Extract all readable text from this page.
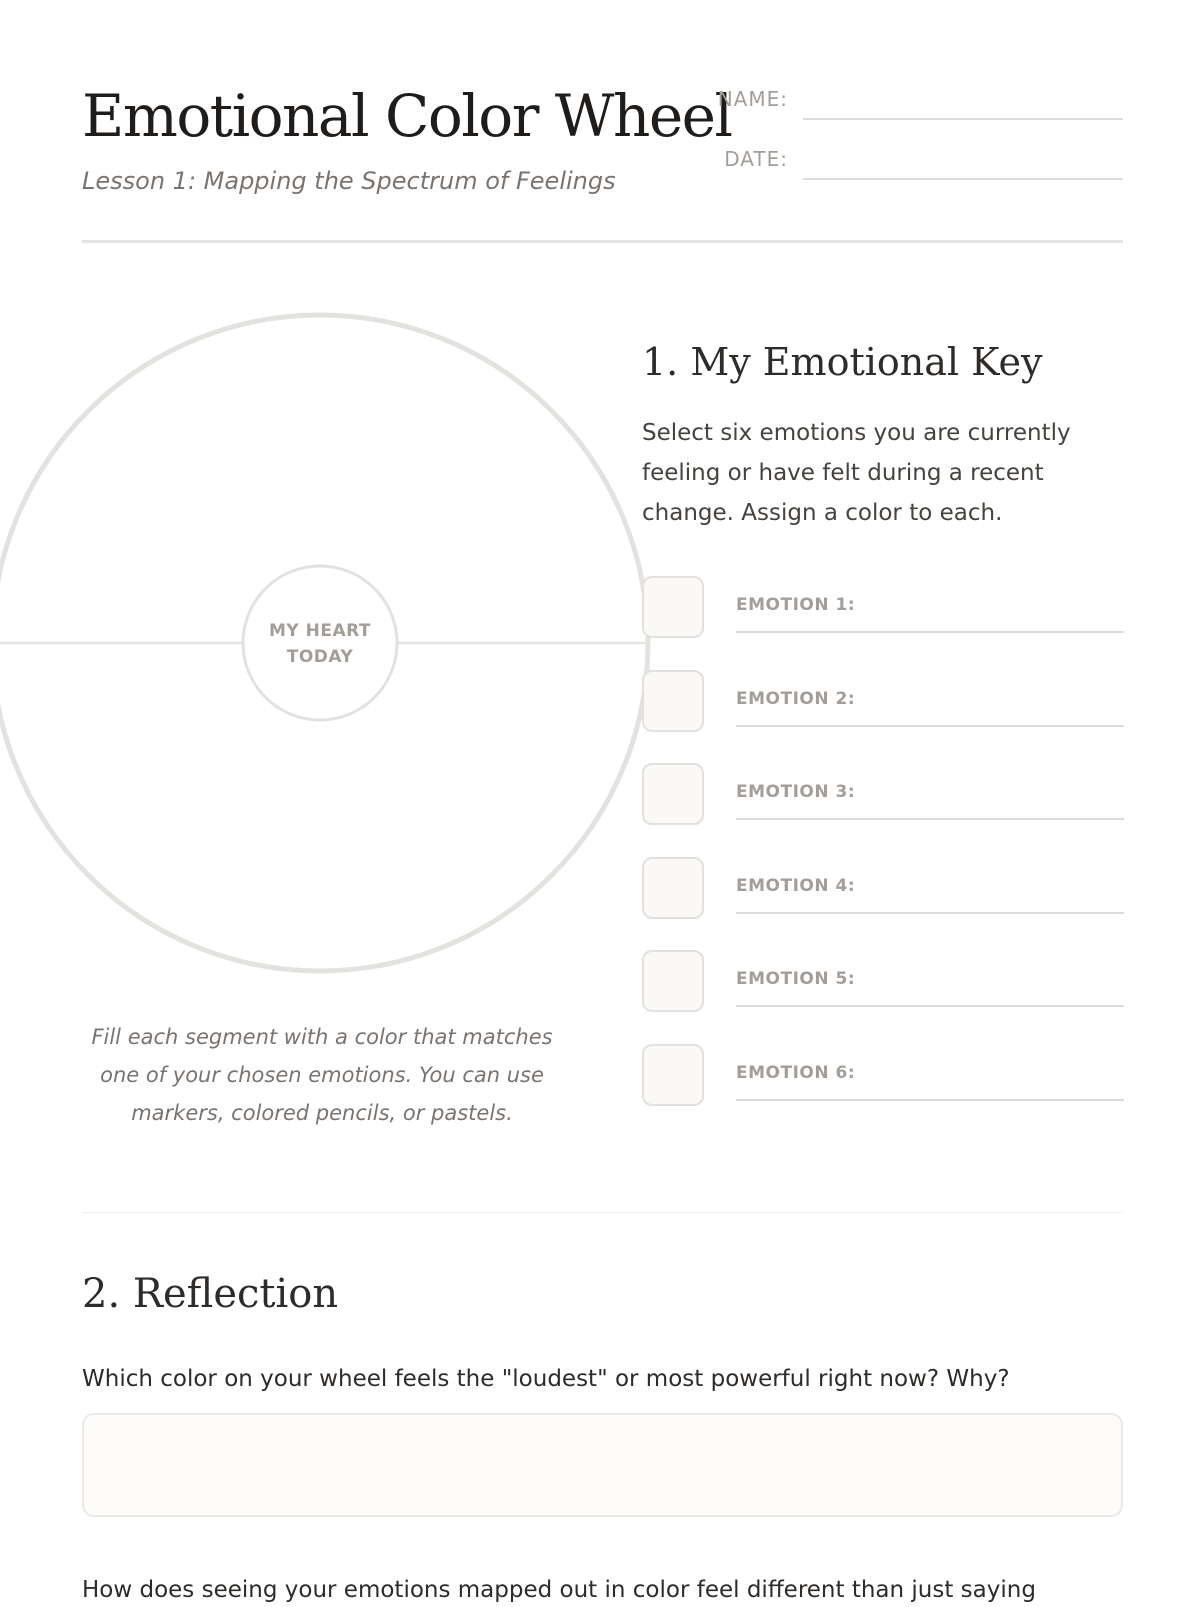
Emotional Color Wheel
Lesson 1: Mapping the Spectrum of Feelings
NAME:
DATE:
MY HEART
TODAY
Fill each segment with a color that matches one of your chosen emotions. You can use markers, colored pencils, or pastels.
1. My Emotional Key
Select six emotions you are currently feeling or have felt during a recent change. Assign a color to each.
EMOTION 1:
EMOTION 2:
EMOTION 3:
EMOTION 4:
EMOTION 5:
EMOTION 6:
2. Reflection
Which color on your wheel feels the "loudest" or most powerful right now? Why?
How does seeing your emotions mapped out in color feel different than just saying
